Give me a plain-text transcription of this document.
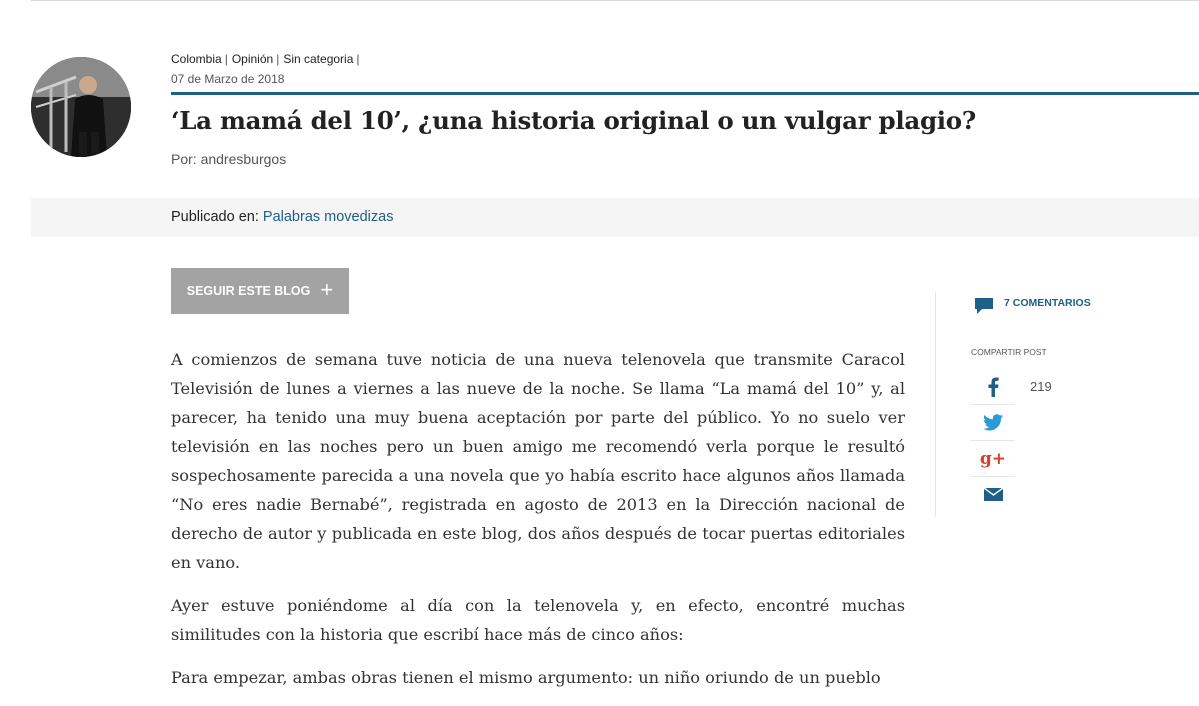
Colombia | Opinión | Sin categoria |
07 de Marzo de 2018
‘La mamá del 10’, ¿una historia original o un vulgar plagio?
Por: andresburgos
Publicado en: Palabras movedizas
SEGUIR ESTE BLOG +

A comienzos de semana tuve noticia de una nueva telenovela que transmite Caracol Televisión de lunes a viernes a las nueve de la noche. Se llama “La mamá del 10” y, al parecer, ha tenido una muy buena aceptación por parte del público. Yo no suelo ver televisión en las noches pero un buen amigo me recomendó verla porque le resultó sospechosamente parecida a una novela que yo había escrito hace algunos años llamada “No eres nadie Bernabé”, registrada en agosto de 2013 en la Dirección nacional de derecho de autor y publicada en este blog, dos años después de tocar puertas editoriales en vano.

Ayer estuve poniéndome al día con la telenovela y, en efecto, encontré muchas similitudes con la historia que escribí hace más de cinco años:

Para empezar, ambas obras tienen el mismo argumento: un niño oriundo de un pueblo

7 COMENTARIOS
COMPARTIR POST
g+
219
